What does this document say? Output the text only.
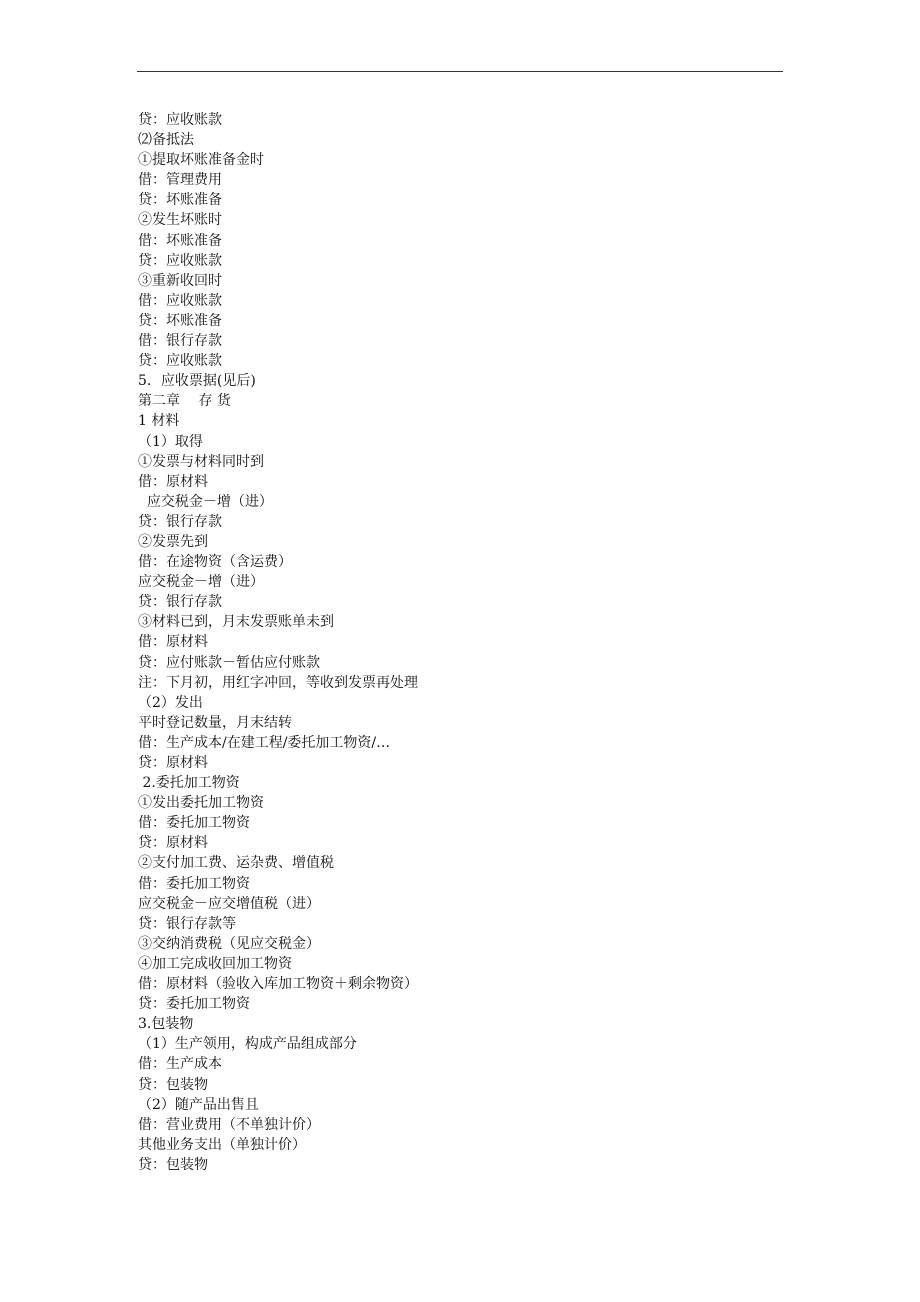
贷：应收账款
⑵备抵法
①提取坏账准备金时
借：管理费用
贷：坏账准备
②发生坏账时
借：坏账准备
贷：应收账款
③重新收回时
借：应收账款
贷：坏账准备
借：银行存款
贷：应收账款
5．应收票据(见后)
第二章　 存 货
1 材料
（1）取得
①发票与材料同时到
借：原材料
应交税金－增（进）
贷：银行存款
②发票先到
借：在途物资（含运费）
应交税金－增（进）
贷：银行存款
③材料已到，月末发票账单未到
借：原材料
贷：应付账款－暂估应付账款
注：下月初，用红字冲回，等收到发票再处理
（2）发出
平时登记数量，月末结转
借：生产成本/在建工程/委托加工物资/…
贷：原材料
2.委托加工物资
①发出委托加工物资
借：委托加工物资
贷：原材料
②支付加工费、运杂费、增值税
借：委托加工物资
应交税金－应交增值税（进）
贷：银行存款等
③交纳消费税（见应交税金）
④加工完成收回加工物资
借：原材料（验收入库加工物资＋剩余物资）
贷：委托加工物资
3.包装物
（1）生产领用，构成产品组成部分
借：生产成本
贷：包装物
（2）随产品出售且
借：营业费用（不单独计价）
其他业务支出（单独计价）
贷：包装物
